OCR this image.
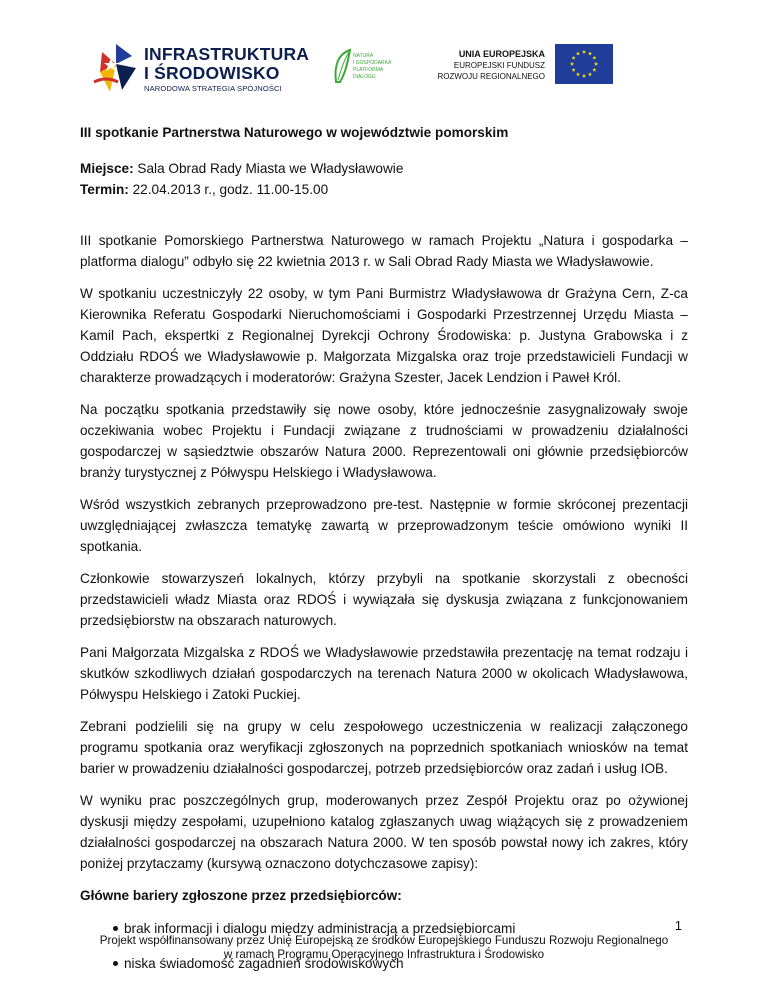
INFRASTRUKTURA
I ŚRODOWISKO
NARODOWA STRATEGIA SPÓJNOŚCI
NATURA
I GOSPODARKA
PLATFORMA
DIALOGU
UNIA EUROPEJSKA
EUROPEJSKI FUNDUSZ
ROZWOJU REGIONALNEGO

III spotkanie Partnerstwa Naturowego w województwie pomorskim

Miejsce: Sala Obrad Rady Miasta we Władysławowie

Termin: 22.04.2013 r., godz. 11.00-15.00

III spotkanie Pomorskiego Partnerstwa Naturowego w ramach Projektu „Natura i gospodarka – platforma dialogu” odbyło się 22 kwietnia 2013 r. w Sali Obrad Rady Miasta we Władysławowie.

W spotkaniu uczestniczyły 22 osoby, w tym Pani Burmistrz Władysławowa dr Grażyna Cern, Z-ca Kierownika Referatu Gospodarki Nieruchomościami i Gospodarki Przestrzennej Urzędu Miasta – Kamil Pach, ekspertki z Regionalnej Dyrekcji Ochrony Środowiska: p. Justyna Grabowska i z Oddziału RDOŚ we Władysławowie p. Małgorzata Mizgalska oraz troje przedstawicieli Fundacji w charakterze prowadzących i moderatorów: Grażyna Szester, Jacek Lendzion i Paweł Król.

Na początku spotkania przedstawiły się nowe osoby, które jednocześnie zasygnalizowały swoje oczekiwania wobec Projektu i Fundacji związane z trudnościami w prowadzeniu działalności gospodarczej w sąsiedztwie obszarów Natura 2000. Reprezentowali oni głównie przedsiębiorców branży turystycznej z Półwyspu Helskiego i Władysławowa.

Wśród wszystkich zebranych przeprowadzono pre-test. Następnie w formie skróconej prezentacji uwzględniającej zwłaszcza tematykę zawartą w przeprowadzonym teście omówiono wyniki II spotkania.

Członkowie stowarzyszeń lokalnych, którzy przybyli na spotkanie skorzystali z obecności przedstawicieli władz Miasta oraz RDOŚ i wywiązała się dyskusja związana z funkcjonowaniem przedsiębiorstw na obszarach naturowych.

Pani Małgorzata Mizgalska z RDOŚ we Władysławowie przedstawiła prezentację na temat rodzaju i skutków szkodliwych działań gospodarczych na terenach Natura 2000 w okolicach Władysławowa, Półwyspu Helskiego i Zatoki Puckiej.

Zebrani podzielili się na grupy w celu zespołowego uczestniczenia w realizacji załączonego programu spotkania oraz weryfikacji zgłoszonych na poprzednich spotkaniach wniosków na temat barier w prowadzeniu działalności gospodarczej, potrzeb przedsiębiorców oraz zadań i usług IOB.

W wyniku prac poszczególnych grup, moderowanych przez Zespół Projektu oraz po ożywionej dyskusji między zespołami, uzupełniono katalog zgłaszanych uwag wiążących się z prowadzeniem działalności gospodarczej na obszarach Natura 2000. W ten sposób powstał nowy ich zakres, który poniżej przytaczamy (kursywą oznaczono dotychczasowe zapisy):

Główne bariery zgłoszone przez przedsiębiorców:

brak informacji i dialogu między administracją a przedsiębiorcami
niska świadomość zagadnień środowiskowych
1
Projekt współfinansowany przez Unię Europejską ze środków Europejskiego Funduszu Rozwoju Regionalnego
w ramach Programu Operacyjnego Infrastruktura i Środowisko
